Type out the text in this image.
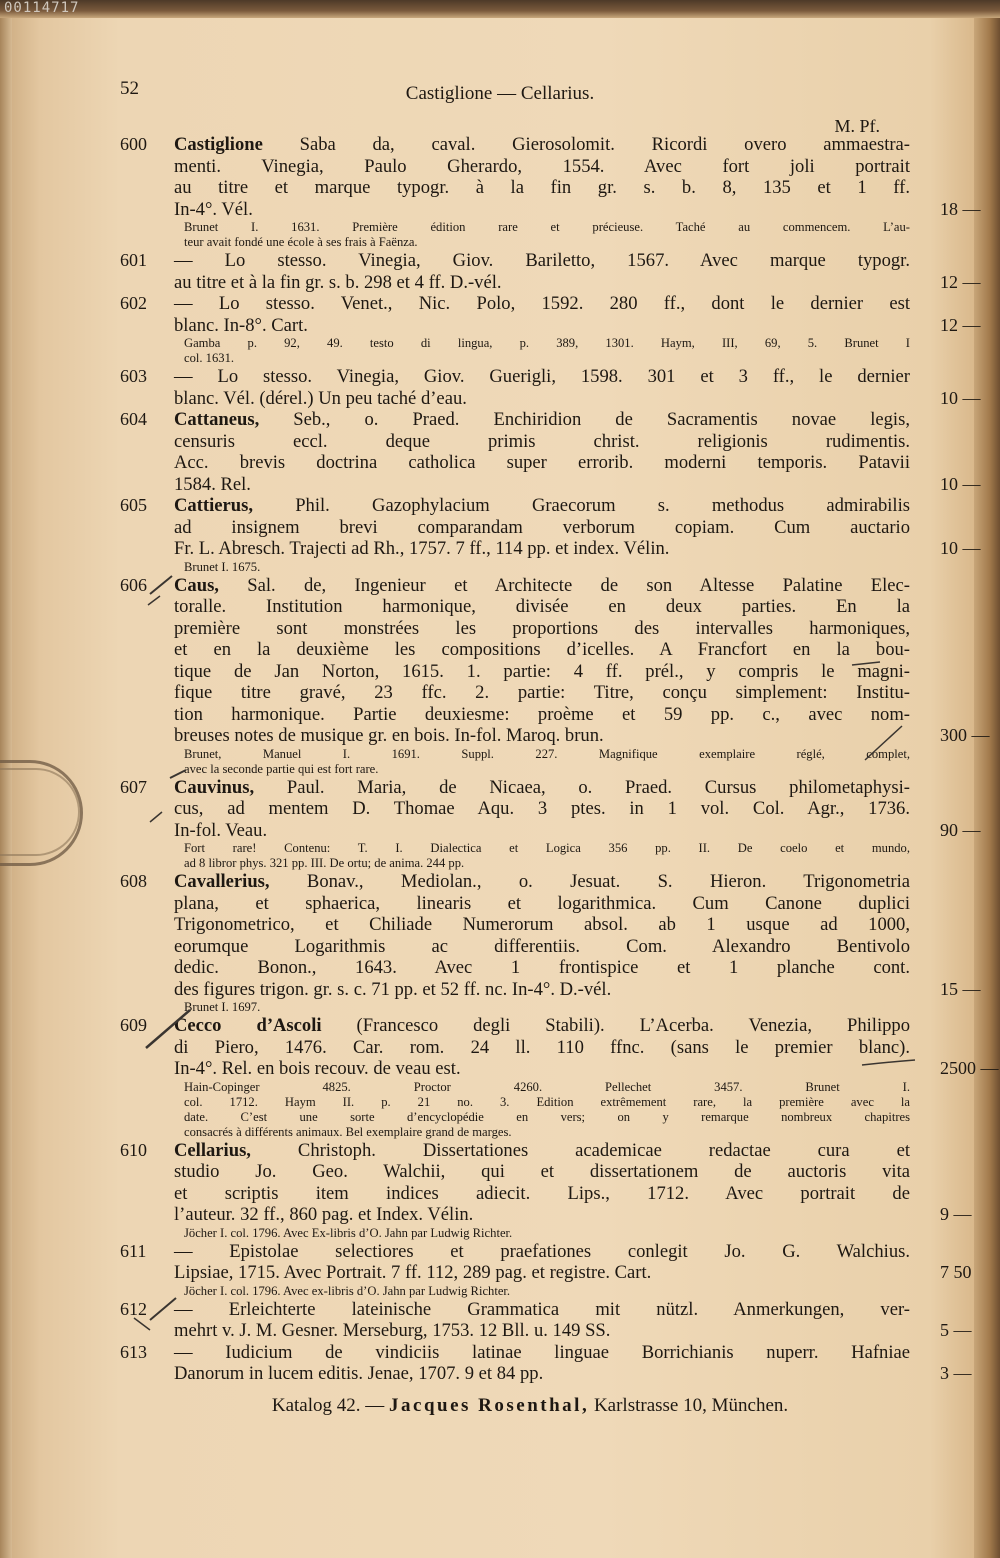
00114717
52	Castiglione — Cellarius.
M. Pf.
600	Castiglione Saba da, caval. Gierosolomit. Ricordi overo ammaestra-
menti. Vinegia, Paulo Gherardo, 1554. Avec fort joli portrait
au titre et marque typogr. à la fin gr. s. b. 8, 135 et 1 ff.
In-4°. Vél.	18 —
Brunet I. 1631. Première édition rare et précieuse. Taché au commencem. L’au-
teur avait fondé une école à ses frais à Faënza.
601	— Lo stesso. Vinegia, Giov. Bariletto, 1567. Avec marque typogr.
au titre et à la fin gr. s. b. 298 et 4 ff. D.-vél.	12 —
602	— Lo stesso. Venet., Nic. Polo, 1592. 280 ff., dont le dernier est
blanc. In-8°. Cart.	12 —
Gamba p. 92, 49. testo di lingua, p. 389, 1301. Haym, III, 69, 5. Brunet I
col. 1631.
603	— Lo stesso. Vinegia, Giov. Guerigli, 1598. 301 et 3 ff., le dernier
blanc. Vél. (dérel.) Un peu taché d’eau.	10 —
604	Cattaneus, Seb., o. Praed. Enchiridion de Sacramentis novae legis,
censuris eccl. deque primis christ. religionis rudimentis.
Acc. brevis doctrina catholica super errorib. moderni temporis. Patavii
1584. Rel.	10 —
605	Cattierus, Phil. Gazophylacium Graecorum s. methodus admirabilis
ad insignem brevi comparandam verborum copiam. Cum auctario
Fr. L. Abresch. Trajecti ad Rh., 1757. 7 ff., 114 pp. et index. Vélin.	10 —
Brunet I. 1675.
606	Caus, Sal. de, Ingenieur et Architecte de son Altesse Palatine Elec-
toralle. Institution harmonique, divisée en deux parties. En la
première sont monstrées les proportions des intervalles harmoniques,
et en la deuxième les compositions d’icelles. A Francfort en la bou-
tique de Jan Norton, 1615. 1. partie: 4 ff. prél., y compris le magni-
fique titre gravé, 23 ffc. 2. partie: Titre, conçu simplement: Institu-
tion harmonique. Partie deuxiesme: proème et 59 pp. c., avec nom-
breuses notes de musique gr. en bois. In-fol. Maroq. brun.	300 —
Brunet, Manuel I. 1691. Suppl. 227. Magnifique exemplaire réglé, complet,
avec la seconde partie qui est fort rare.
607	Cauvinus, Paul. Maria, de Nicaea, o. Praed. Cursus philometaphysi-
cus, ad mentem D. Thomae Aqu. 3 ptes. in 1 vol. Col. Agr., 1736.
In-fol. Veau.	90 —
Fort rare! Contenu: T. I. Dialectica et Logica 356 pp. II. De coelo et mundo,
ad 8 libror phys. 321 pp. III. De ortu; de anima. 244 pp.
608	Cavallerius, Bonav., Mediolan., o. Jesuat. S. Hieron. Trigonometria
plana, et sphaerica, linearis et logarithmica. Cum Canone duplici
Trigonometrico, et Chiliade Numerorum absol. ab 1 usque ad 1000,
eorumque Logarithmis ac differentiis. Com. Alexandro Bentivolo
dedic. Bonon., 1643. Avec 1 frontispice et 1 planche cont.
des figures trigon. gr. s. c. 71 pp. et 52 ff. nc. In-4°. D.-vél.	15 —
Brunet I. 1697.
609	Cecco d’Ascoli (Francesco degli Stabili). L’Acerba. Venezia, Philippo
di Piero, 1476. Car. rom. 24 ll. 110 ffnc. (sans le premier blanc).
In-4°. Rel. en bois recouv. de veau est.	2500 —
Hain-Copinger 4825. Proctor 4260. Pellechet 3457. Brunet I.
col. 1712. Haym II. p. 21 no. 3. Edition extrêmement rare, la première avec la
date. C’est une sorte d’encyclopédie en vers; on y remarque nombreux chapitres
consacrés à différents animaux. Bel exemplaire grand de marges.
610	Cellarius, Christoph. Dissertationes academicae redactae cura et
studio Jo. Geo. Walchii, qui et dissertationem de auctoris vita
et scriptis item indices adiecit. Lips., 1712. Avec portrait de
l’auteur. 32 ff., 860 pag. et Index. Vélin.	9 —
Jöcher I. col. 1796. Avec Ex-libris d’O. Jahn par Ludwig Richter.
611	— Epistolae selectiores et praefationes conlegit Jo. G. Walchius.
Lipsiae, 1715. Avec Portrait. 7 ff. 112, 289 pag. et registre. Cart.	7 50
Jöcher I. col. 1796. Avec ex-libris d’O. Jahn par Ludwig Richter.
612	— Erleichterte lateinische Grammatica mit nützl. Anmerkungen, ver-
mehrt v. J. M. Gesner. Merseburg, 1753. 12 Bll. u. 149 SS.	5 —
613	— Iudicium de vindiciis latinae linguae Borrichianis nuperr. Hafniae
Danorum in lucem editis. Jenae, 1707. 9 et 84 pp.	3 —
Katalog 42. — Jacques Rosenthal, Karlstrasse 10, München.
